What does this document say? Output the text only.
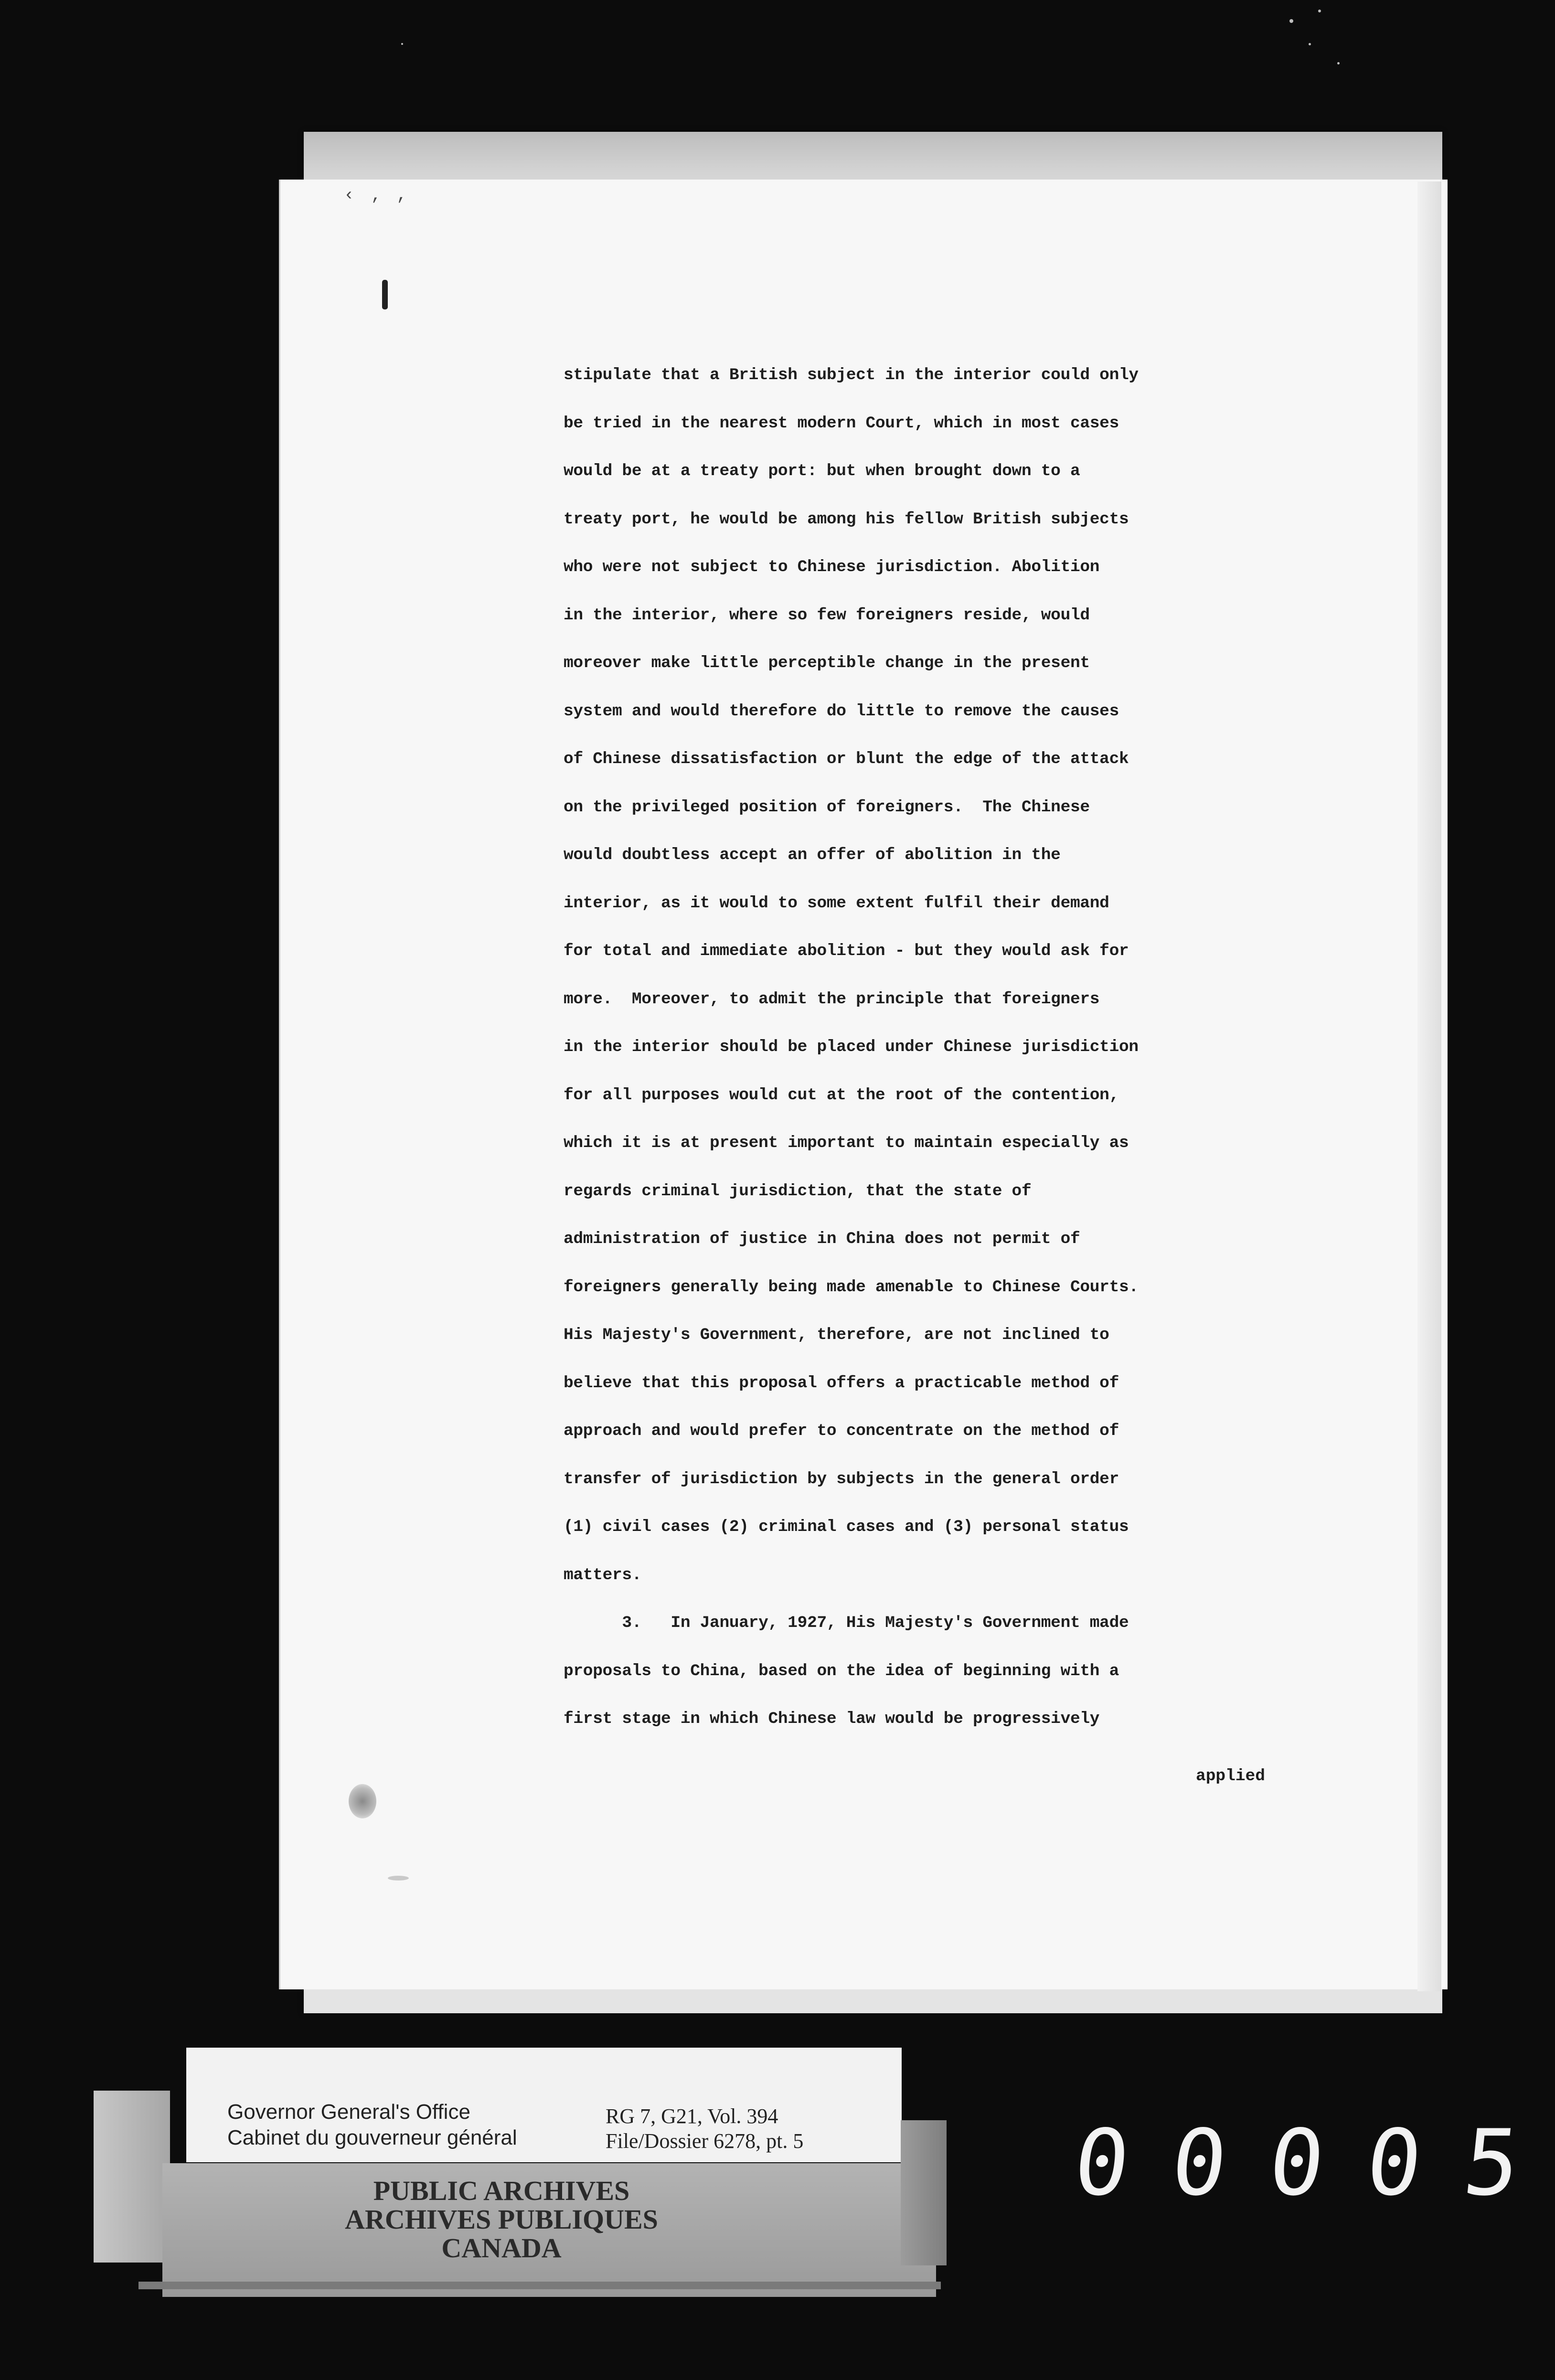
‹ ‚ ,
stipulate that a British subject in the interior could only
be tried in the nearest modern Court, which in most cases
would be at a treaty port: but when brought down to a
treaty port, he would be among his fellow British subjects
who were not subject to Chinese jurisdiction. Abolition
in the interior, where so few foreigners reside, would
moreover make little perceptible change in the present
system and would therefore do little to remove the causes
of Chinese dissatisfaction or blunt the edge of the attack
on the privileged position of foreigners.  The Chinese
would doubtless accept an offer of abolition in the
interior, as it would to some extent fulfil their demand
for total and immediate abolition - but they would ask for
more.  Moreover, to admit the principle that foreigners
in the interior should be placed under Chinese jurisdiction
for all purposes would cut at the root of the contention,
which it is at present important to maintain especially as
regards criminal jurisdiction, that the state of
administration of justice in China does not permit of
foreigners generally being made amenable to Chinese Courts.
His Majesty's Government, therefore, are not inclined to
believe that this proposal offers a practicable method of
approach and would prefer to concentrate on the method of
transfer of jurisdiction by subjects in the general order
(1) civil cases (2) criminal cases and (3) personal status
matters.
3.   In January, 1927, His Majesty's Government made
proposals to China, based on the idea of beginning with a
first stage in which Chinese law would be progressively
applied
Governor General's Office
Cabinet du gouverneur général
RG 7, G21, Vol. 394
File/Dossier 6278, pt. 5
PUBLIC ARCHIVES
ARCHIVES PUBLIQUES
CANADA
0 0 0 0 5
